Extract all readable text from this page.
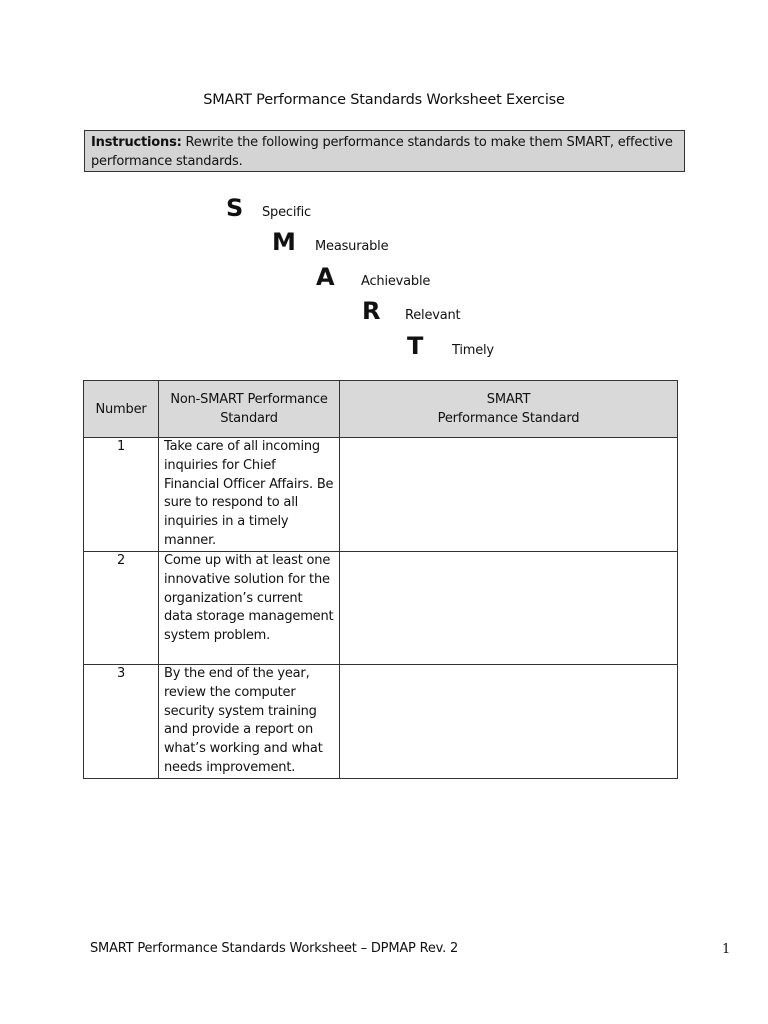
SMART Performance Standards Worksheet Exercise
Instructions: Rewrite the following performance standards to make them SMART, effective performance standards.
S	Specific
M	Measurable
A	Achievable
R	Relevant
T	Timely
Number	Non-SMART Performance Standard	SMART
Performance Standard

1	Take care of all incoming inquiries for Chief Financial Officer Affairs. Be sure to respond to all inquiries in a timely manner.	
2	Come up with at least one innovative solution for the organization’s current data storage management system problem.	
3	By the end of the year, review the computer security system training and provide a report on what’s working and what needs improvement.	
SMART Performance Standards Worksheet – DPMAP Rev. 2	1
